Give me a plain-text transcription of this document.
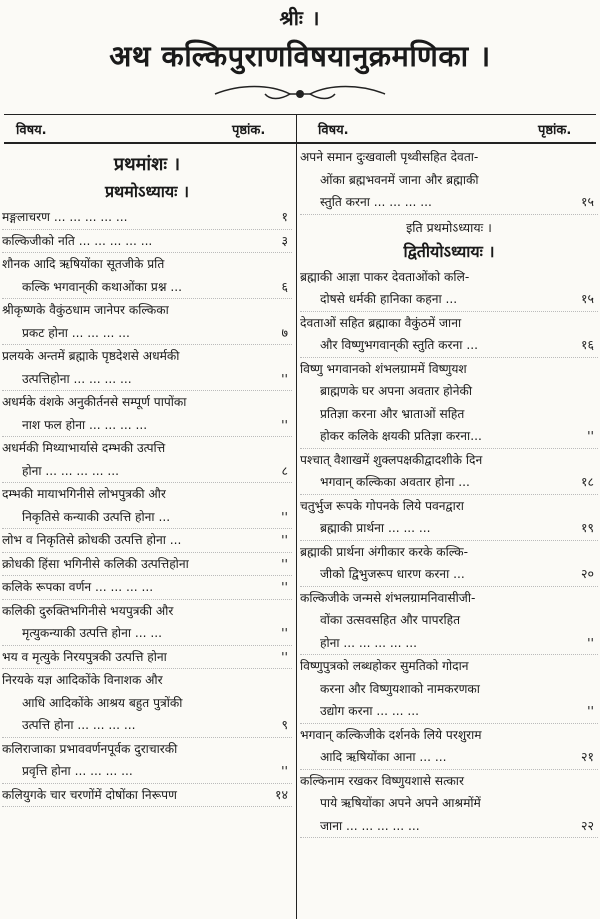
श्रीः ।
अथ कल्किपुराणविषयानुक्रमणिका ।
विषय.	पृष्ठांक.	विषय.	पृष्ठांक.
प्रथमांशः ।
प्रथमोऽध्यायः ।
मङ्गलाचरण ... ... ... ... ...	१
कल्किजीको नति ... ... ... ... ...	३
शौनक आदि ऋषियोंका सूतजीके प्रति
कल्कि भगवान्‌की कथाओंका प्रश्न ...	६
श्रीकृष्णके वैकुंठधाम जानेपर कल्किका
प्रकट होना ... ... ... ...	७
प्रलयके अन्तमें ब्रह्माके पृष्ठदेशसे अधर्मकी
उत्पत्तिहोना ... ... ... ...	''
अधर्मके वंशके अनुकीर्तनसे सम्पूर्ण पापोंका
नाश फल होना ... ... ... ...	''
अधर्मकी मिथ्याभार्यासे दम्भकी उत्पत्ति
होना ... ... ... ... ...	८
दम्भकी मायाभगिनीसे लोभपुत्रकी और
निकृतिसे कन्याकी उत्पत्ति होना ...	''
लोभ व निकृतिसे क्रोधकी उत्पत्ति होना ...	''
क्रोधकी हिंसा भगिनीसे कलिकी उत्पत्तिहोना	''
कलिके रूपका वर्णन ... ... ... ...	''
कलिकी दुरुक्तिभगिनीसे भयपुत्रकी और
मृत्युकन्याकी उत्पत्ति होना ... ...	''
भय व मृत्युके निरयपुत्रकी उत्पत्ति होना	''
निरयके यज्ञ आदिकोंके विनाशक और
आधि आदिकोंके आश्रय बहुत पुत्रोंकी
उत्पत्ति होना ... ... ... ...	९
कलिराजाका प्रभाववर्णनपूर्वक दुराचारकी
प्रवृत्ति होना ... ... ... ...	''
कलियुगके चार चरणोंमें दोषोंका निरूपण	१४
अपने समान दुःखवाली पृथ्वीसहित देवता-
ओंका ब्रह्मभवनमें जाना और ब्रह्माकी
स्तुति करना ... ... ... ...	१५
इति प्रथमोऽध्यायः ।
द्वितीयोऽध्यायः ।
ब्रह्माकी आज्ञा पाकर देवताओंको कलि-
दोषसे धर्मकी हानिका कहना ...	१५
देवताओं सहित ब्रह्माका वैकुंठमें जाना
और विष्णुभगवान्‌की स्तुति करना ...	१६
विष्णु भगवानको शंभलग्राममें विष्णुयश
ब्राह्मणके घर अपना अवतार होनेकी
प्रतिज्ञा करना और भ्राताओं सहित
होकर कलिके क्षयकी प्रतिज्ञा करना...	''
पश्चात् वैशाखमें शुक्लपक्षकीद्वादशीके दिन
भगवान् कल्किका अवतार होना ...	१८
चतुर्भुज रूपके गोपनके लिये पवनद्वारा
ब्रह्माकी प्रार्थना ... ... ...	१९
ब्रह्माकी प्रार्थना अंगीकार करके कल्कि-
जीको द्विभुजरूप धारण करना ...	२०
कल्किजीके जन्मसे शंभलग्रामनिवासीजी-
वोंका उत्सवसहित और पापरहित
होना ... ... ... ... ...	''
विष्णुपुत्रको लब्धहोकर सुमतिको गोदान
करना और विष्णुयशाको नामकरणका
उद्योग करना ... ... ...	''
भगवान् कल्किजीके दर्शनके लिये परशुराम
आदि ऋषियोंका आना ... ...	२१
कल्किनाम रखकर विष्णुयशासे सत्कार
पाये ऋषियोंका अपने अपने आश्रमोंमें
जाना ... ... ... ... ...	२२
